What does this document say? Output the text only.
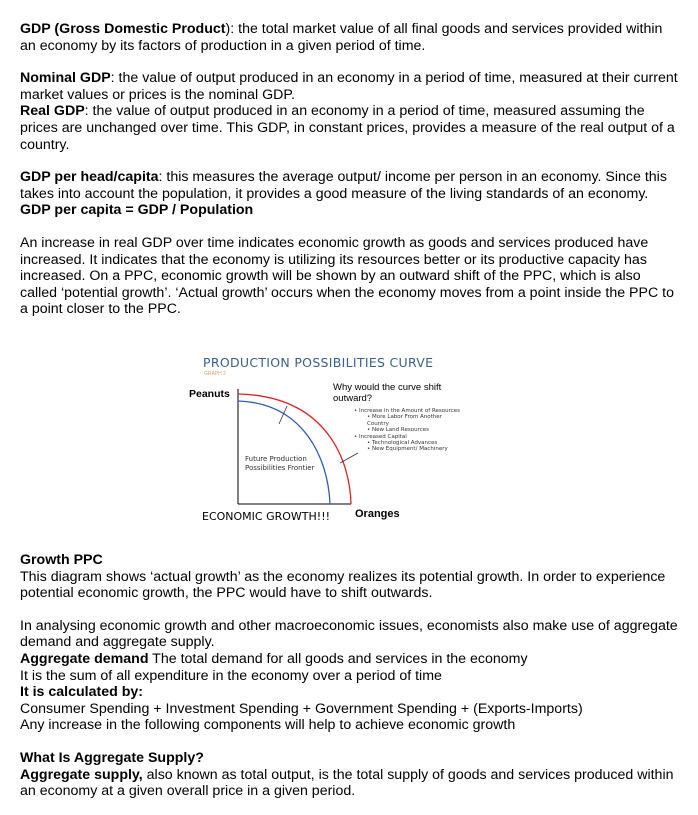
GDP (Gross Domestic Product): the total market value of all final goods and services provided within an economy by its factors of production in a given period of time.

Nominal GDP: the value of output produced in an economy in a period of time, measured at their current market values or prices is the nominal GDP.

Real GDP: the value of output produced in an economy in a period of time, measured assuming the prices are unchanged over time. This GDP, in constant prices, provides a measure of the real output of a country.

GDP per head/capita: this measures the average output/ income per person in an economy. Since this takes into account the population, it provides a good measure of the living standards of an economy.

GDP per capita = GDP / Population

An increase in real GDP over time indicates economic growth as goods and services produced have increased. It indicates that the economy is utilizing its resources better or its productive capacity has increased. On a PPC, economic growth will be shown by an outward shift of the PPC, which is also called ‘potential growth’. ‘Actual growth’ occurs when the economy moves from a point inside the PPC to a point closer to the PPC.

PRODUCTION POSSIBILITIES CURVE
GRAPH 2
Peanuts
Why would the curve shift outward?
• Increase in the Amount of Resources
• More Labor From Another Country
• New Land Resources
• Increased Capital
• Technological Advances
• New Equipment/ Machinery
Future Production Possibilities Frontier
ECONOMIC GROWTH!!! Oranges

Growth PPC

This diagram shows ‘actual growth’ as the economy realizes its potential growth. In order to experience potential economic growth, the PPC would have to shift outwards.

In analysing economic growth and other macroeconomic issues, economists also make use of aggregate demand and aggregate supply.

Aggregate demand The total demand for all goods and services in the economy

It is the sum of all expenditure in the economy over a period of time

It is calculated by:

Consumer Spending + Investment Spending + Government Spending + (Exports-Imports)

Any increase in the following components will help to achieve economic growth

What Is Aggregate Supply?

Aggregate supply, also known as total output, is the total supply of goods and services produced within an economy at a given overall price in a given period.
